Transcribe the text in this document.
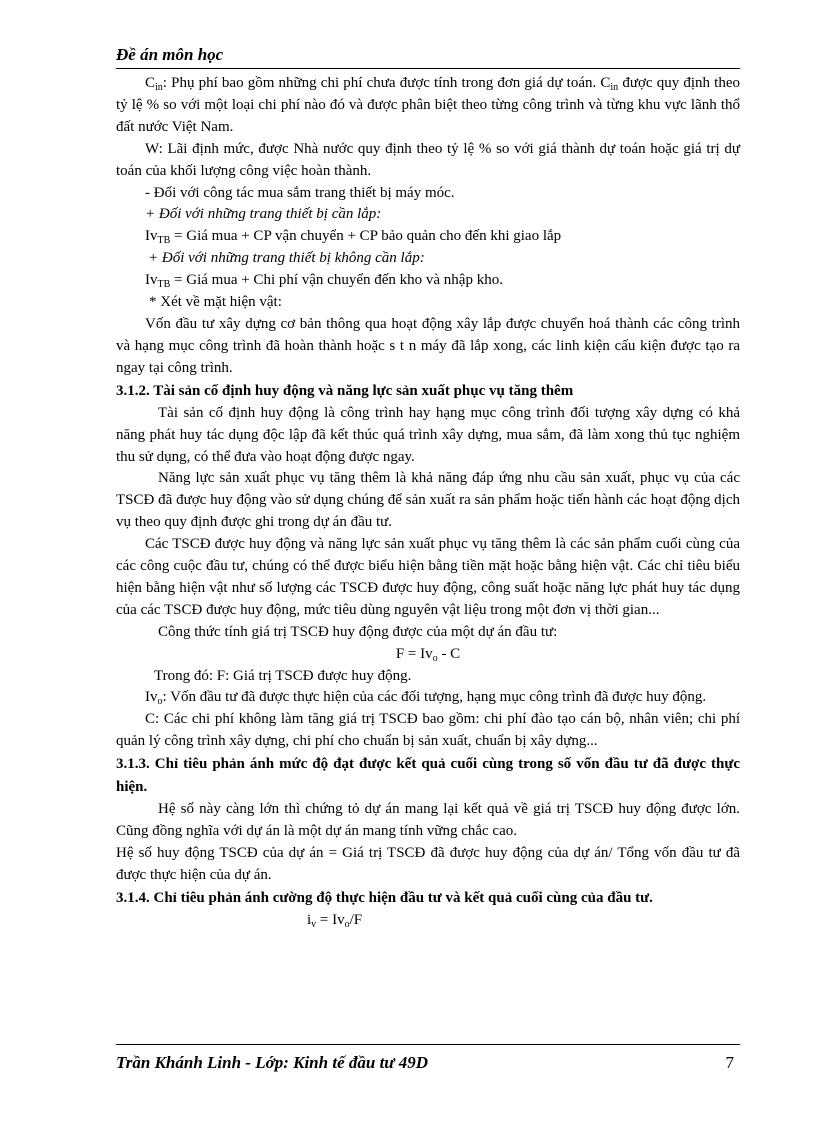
Đề án môn học

$C_{in}$: Phụ phí bao gồm những chi phí chưa được tính trong đơn giá dự toán. $C_{in}$ được quy định theo tỷ lệ % so với một loại chi phí nào đó và được phân biệt theo từng công trình và từng khu vực lãnh thổ đất nước Việt Nam.

W: Lãi định mức, được Nhà nước quy định theo tỷ lệ % so với giá thành dự toán hoặc giá trị dự toán của khối lượng công việc hoàn thành.

- Đối với công tác mua sắm trang thiết bị máy móc.

+ Đối với những trang thiết bị cần lắp:

$Iv_{TB}$ = Giá mua + CP vận chuyển + CP bảo quản cho đến khi giao lắp

+ Đối với những trang thiết bị không cần lắp:

$Iv_{TB}$ = Giá mua + Chi phí vận chuyển đến kho và nhập kho.

* Xét về mặt hiện vật:

Vốn đầu tư xây dựng cơ bản thông qua hoạt động xây lắp được chuyển hoá thành các công trình và hạng mục công trình đã hoàn thành hoặc s t n máy đã lắp xong, các linh kiện cấu kiện được tạo ra ngay tại công trình.

3.1.2. Tài sản cố định huy động và năng lực sản xuất phục vụ tăng thêm

Tài sản cố định huy động là công trình hay hạng mục công trình đối tượng xây dựng có khả năng phát huy tác dụng độc lập đã kết thúc quá trình xây dựng, mua sắm, đã làm xong thủ tục nghiệm thu sử dụng, có thể đưa vào hoạt động được ngay.

Năng lực sản xuất phục vụ tăng thêm là khả năng đáp ứng nhu cầu sản xuất, phục vụ của các TSCĐ đã được huy động vào sử dụng chúng để sản xuất ra sản phẩm hoặc tiến hành các hoạt động dịch vụ theo quy định được ghi trong dự án đầu tư.

Các TSCĐ được huy động và năng lực sản xuất phục vụ tăng thêm là các sản phẩm cuối cùng của các công cuộc đầu tư, chúng có thể được biểu hiện bằng tiền mặt hoặc bằng hiện vật. Các chỉ tiêu biểu hiện bằng hiện vật như số lượng các TSCĐ được huy động, công suất hoặc năng lực phát huy tác dụng của các TSCĐ được huy động, mức tiêu dùng nguyên vật liệu trong một đơn vị thời gian...

Công thức tính giá trị TSCĐ huy động được của một dự án đầu tư:

$F = Iv_o - C$

Trong đó: F: Giá trị TSCĐ được huy động.

$Iv_o$: Vốn đầu tư đã được thực hiện của các đối tượng, hạng mục công trình đã được huy động.

C: Các chi phí không làm tăng giá trị TSCĐ bao gồm: chi phí đào tạo cán bộ, nhân viên; chi phí quản lý công trình xây dựng, chi phí cho chuẩn bị sản xuất, chuẩn bị xây dựng...

3.1.3. Chỉ tiêu phản ánh mức độ đạt được kết quả cuối cùng trong số vốn đầu tư đã được thực hiện.

Hệ số này càng lớn thì chứng tỏ dự án mang lại kết quả về giá trị TSCĐ huy động được lớn. Cũng đồng nghĩa với dự án là một dự án mang tính vững chắc cao.

Hệ số huy động TSCĐ của dự án = Giá trị TSCĐ đã được huy động của dự án/ Tổng vốn đầu tư đã được thực hiện của dự án.

3.1.4. Chỉ tiêu phản ánh cường độ thực hiện đầu tư và kết quả cuối cùng của đầu tư.

$i_v = Iv_o/F$

Trần Khánh Linh - Lớp: Kinh tế đầu tư 49D	7
